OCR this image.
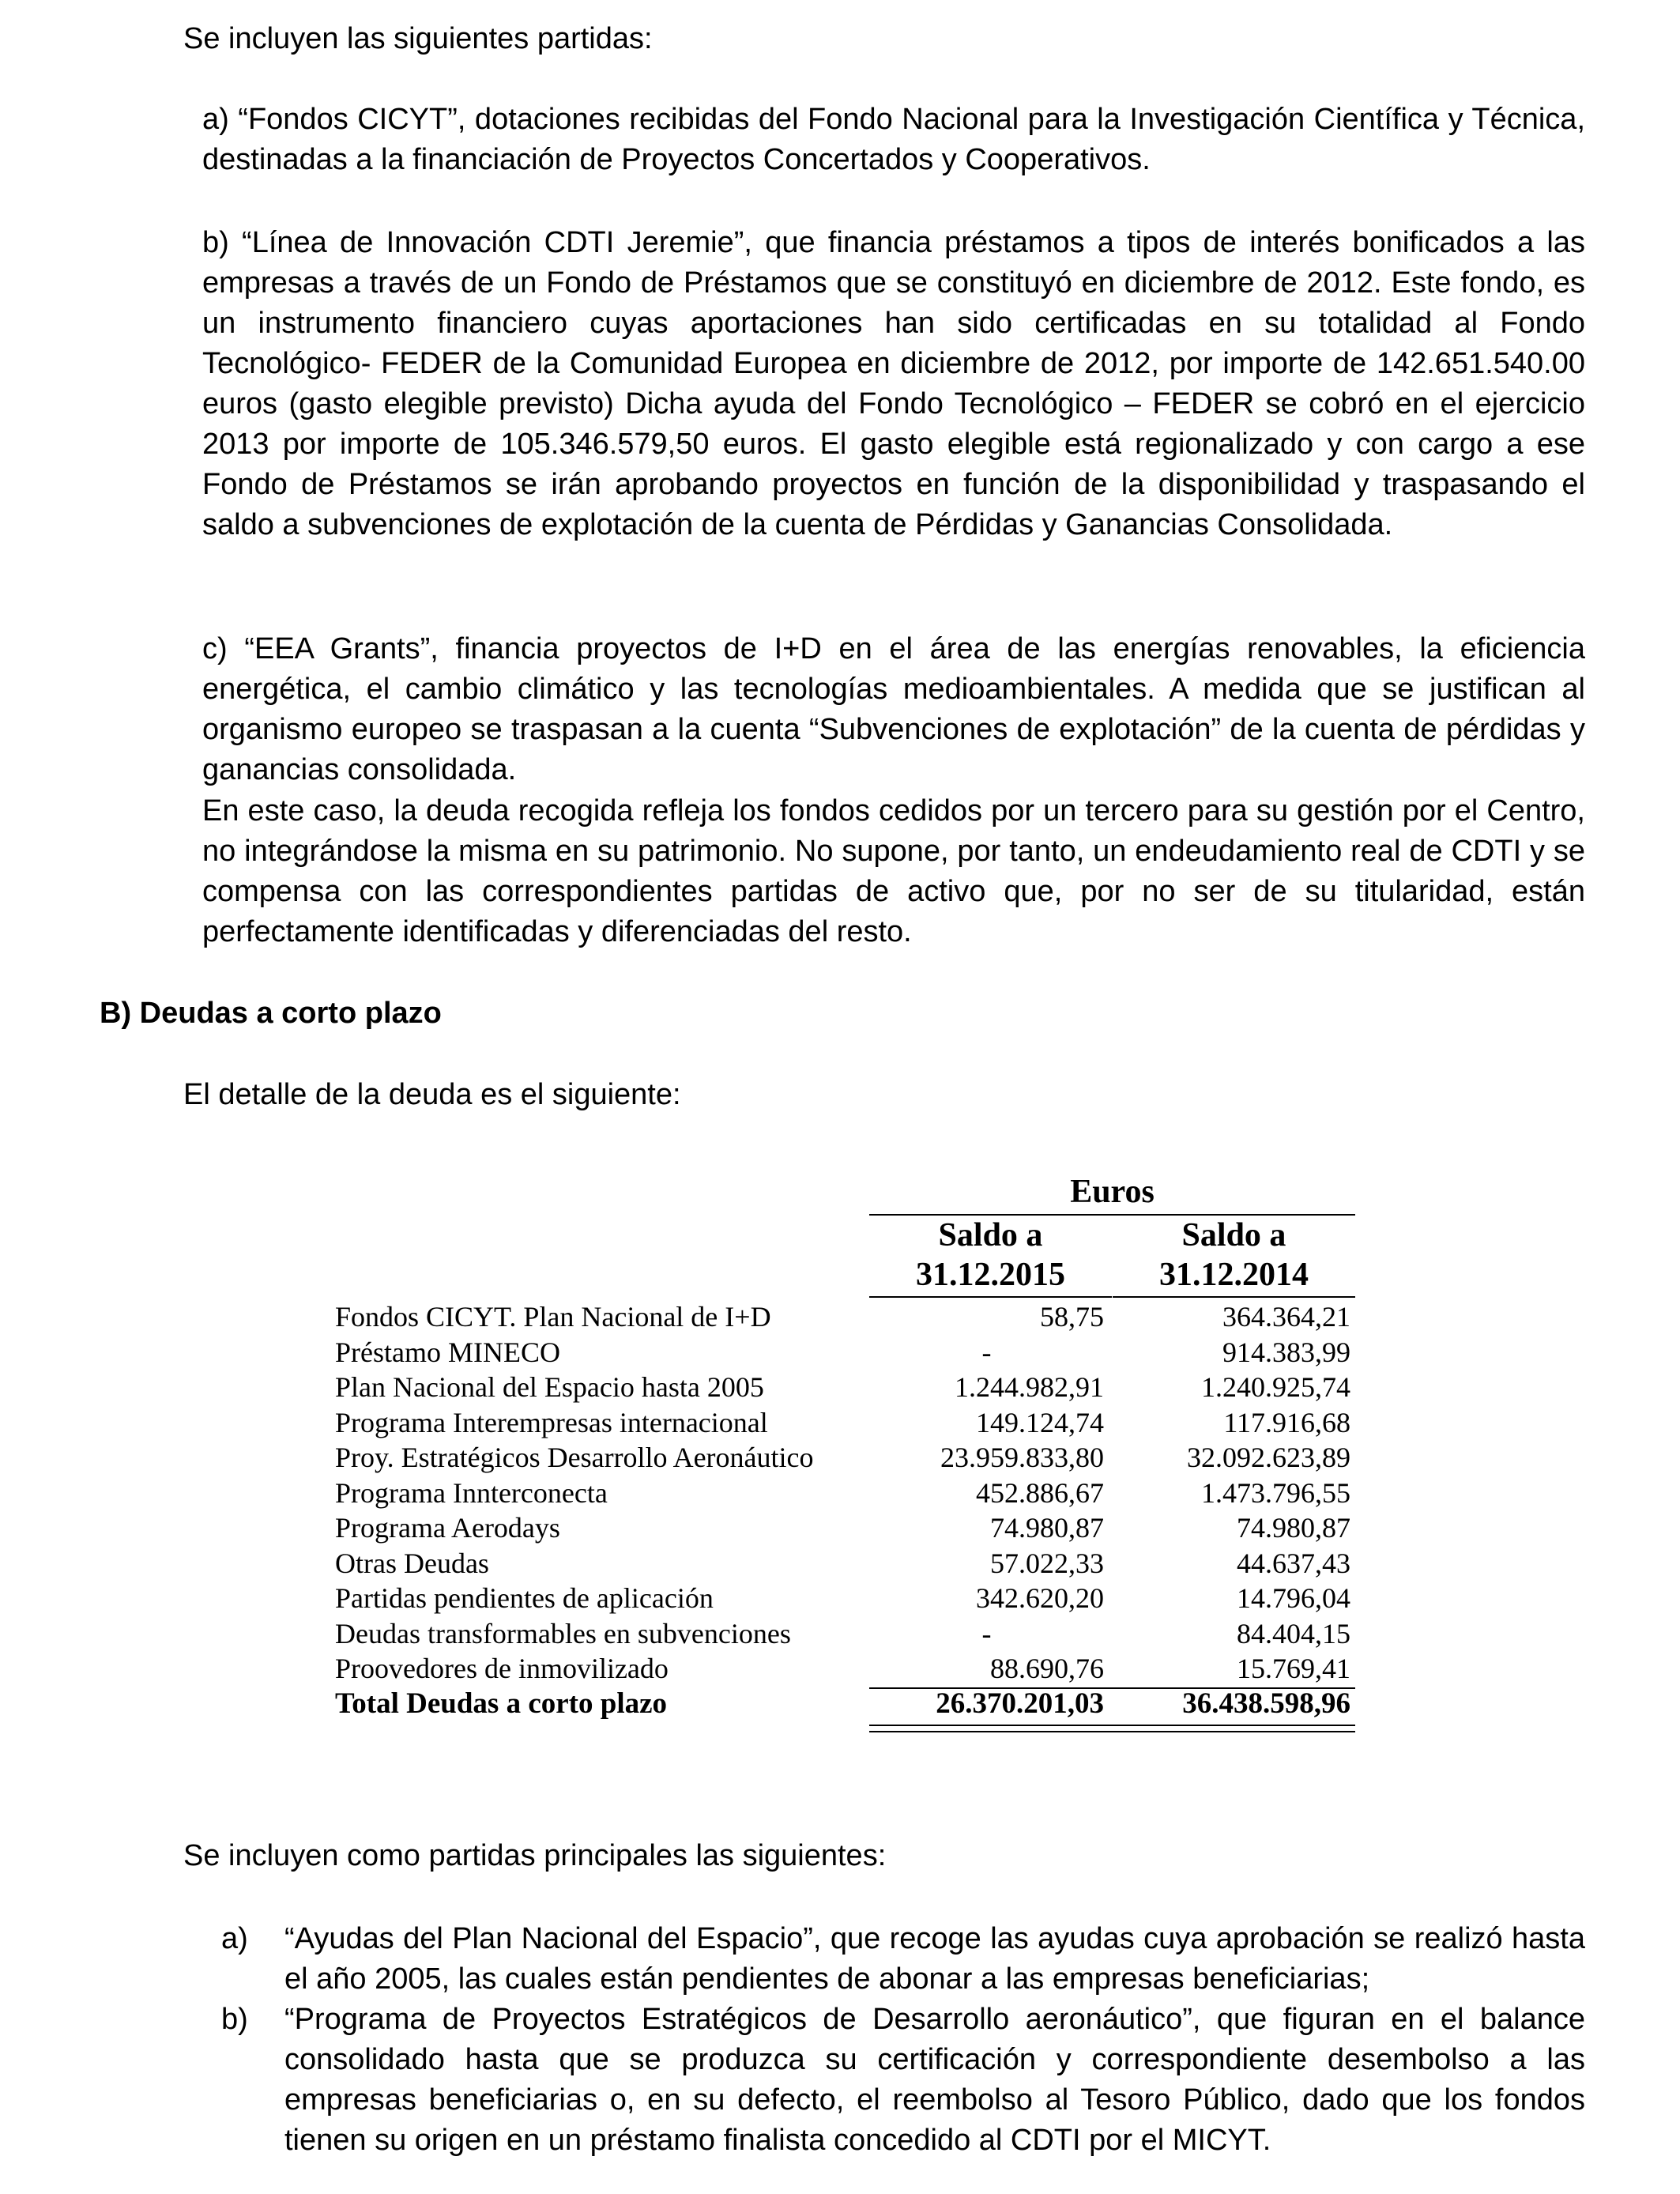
Se incluyen las siguientes partidas:
a) “Fondos CICYT”, dotaciones recibidas del Fondo Nacional para la Investigación Científica y Técnica, destinadas a la financiación de Proyectos Concertados y Cooperativos.
b) “Línea de Innovación CDTI Jeremie”, que financia préstamos a tipos de interés bonificados a las empresas a través de un Fondo de Préstamos que se constituyó en diciembre de 2012. Este fondo, es un instrumento financiero cuyas aportaciones han sido certificadas en su totalidad al Fondo Tecnológico- FEDER de la Comunidad Europea en diciembre de 2012, por importe de 142.651.540.00 euros (gasto elegible previsto) Dicha ayuda del Fondo Tecnológico – FEDER se cobró en el ejercicio 2013 por importe de 105.346.579,50 euros. El gasto elegible está regionalizado y con cargo a ese Fondo de Préstamos se irán aprobando proyectos en función de la disponibilidad y traspasando el saldo a subvenciones de explotación de la cuenta de Pérdidas y Ganancias Consolidada.
c) “EEA Grants”, financia proyectos de I+D en el área de las energías renovables, la eficiencia energética, el cambio climático y las tecnologías medioambientales. A medida que se justifican al organismo europeo se traspasan a la cuenta “Subvenciones de explotación” de la cuenta de pérdidas y ganancias consolidada.
En este caso, la deuda recogida refleja los fondos cedidos por un tercero para su gestión por el Centro, no integrándose la misma en su patrimonio. No supone, por tanto, un endeudamiento real de CDTI y se compensa con las correspondientes partidas de activo que, por no ser de su titularidad, están perfectamente identificadas y diferenciadas del resto.
B) Deudas a corto plazo
El detalle de la deuda es el siguiente:
Euros
Saldo a
31.12.2015
Saldo a
31.12.2014
Fondos CICYT. Plan Nacional de I+D	58,75	364.364,21
Préstamo MINECO	-	914.383,99
Plan Nacional del Espacio hasta 2005	1.244.982,91	1.240.925,74
Programa Interempresas internacional	149.124,74	117.916,68
Proy. Estratégicos Desarrollo Aeronáutico	23.959.833,80	32.092.623,89
Programa Innterconecta	452.886,67	1.473.796,55
Programa Aerodays	74.980,87	74.980,87
Otras Deudas	57.022,33	44.637,43
Partidas pendientes de aplicación	342.620,20	14.796,04
Deudas transformables en subvenciones	-	84.404,15
Proovedores de inmovilizado	88.690,76	15.769,41
Total Deudas a corto plazo	26.370.201,03	36.438.598,96
Se incluyen como partidas principales las siguientes:
a) “Ayudas del Plan Nacional del Espacio”, que recoge las ayudas cuya aprobación se realizó hasta el año 2005, las cuales están pendientes de abonar a las empresas beneficiarias;
b) “Programa de Proyectos Estratégicos de Desarrollo aeronáutico”, que figuran en el balance consolidado hasta que se produzca su certificación y correspondiente desembolso a las empresas beneficiarias o, en su defecto, el reembolso al Tesoro Público, dado que los fondos tienen su origen en un préstamo finalista concedido al CDTI por el MICYT.
